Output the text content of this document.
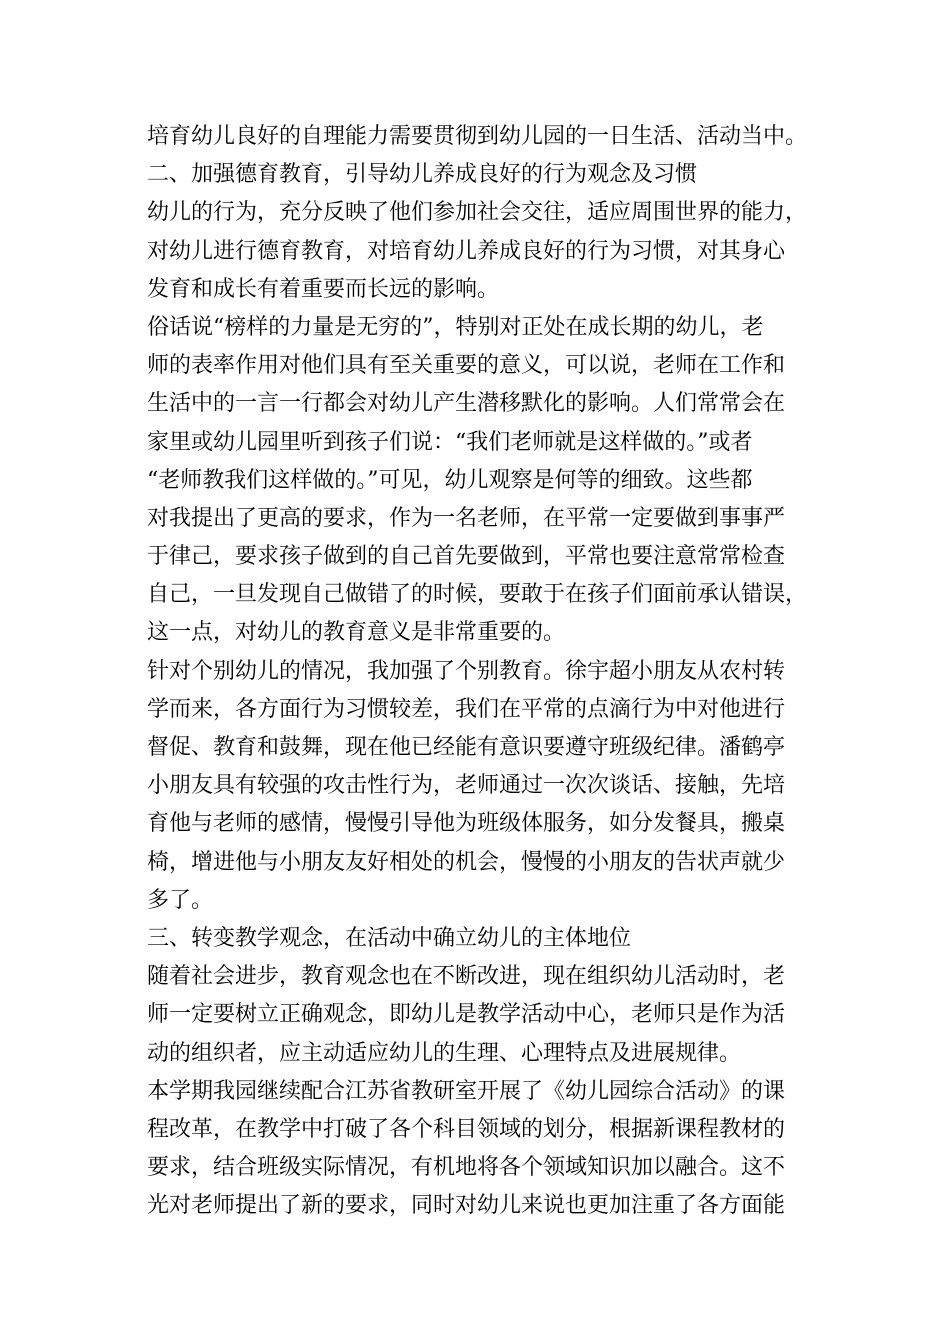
培育幼儿良好的自理能力需要贯彻到幼儿园的一日生活、活动当中。
二、加强德育教育，引导幼儿养成良好的行为观念及习惯
幼儿的行为，充分反映了他们参加社会交往，适应周围世界的能力，
对幼儿进行德育教育，对培育幼儿养成良好的行为习惯，对其身心
发育和成长有着重要而长远的影响。
俗话说“榜样的力量是无穷的”，特别对正处在成长期的幼儿，老
师的表率作用对他们具有至关重要的意义，可以说，老师在工作和
生活中的一言一行都会对幼儿产生潜移默化的影响。人们常常会在
家里或幼儿园里听到孩子们说：“我们老师就是这样做的。”或者
“老师教我们这样做的。”可见，幼儿观察是何等的细致。这些都
对我提出了更高的要求，作为一名老师，在平常一定要做到事事严
于律己，要求孩子做到的自己首先要做到，平常也要注意常常检查
自己，一旦发现自己做错了的时候，要敢于在孩子们面前承认错误，
这一点，对幼儿的教育意义是非常重要的。
针对个别幼儿的情况，我加强了个别教育。徐宇超小朋友从农村转
学而来，各方面行为习惯较差，我们在平常的点滴行为中对他进行
督促、教育和鼓舞，现在他已经能有意识要遵守班级纪律。潘鹤亭
小朋友具有较强的攻击性行为，老师通过一次次谈话、接触，先培
育他与老师的感情，慢慢引导他为班级体服务，如分发餐具，搬桌
椅，增进他与小朋友友好相处的机会，慢慢的小朋友的告状声就少
多了。
三、转变教学观念，在活动中确立幼儿的主体地位
随着社会进步，教育观念也在不断改进，现在组织幼儿活动时，老
师一定要树立正确观念，即幼儿是教学活动中心，老师只是作为活
动的组织者，应主动适应幼儿的生理、心理特点及进展规律。
本学期我园继续配合江苏省教研室开展了《幼儿园综合活动》的课
程改革，在教学中打破了各个科目领域的划分，根据新课程教材的
要求，结合班级实际情况，有机地将各个领域知识加以融合。这不
光对老师提出了新的要求，同时对幼儿来说也更加注重了各方面能
